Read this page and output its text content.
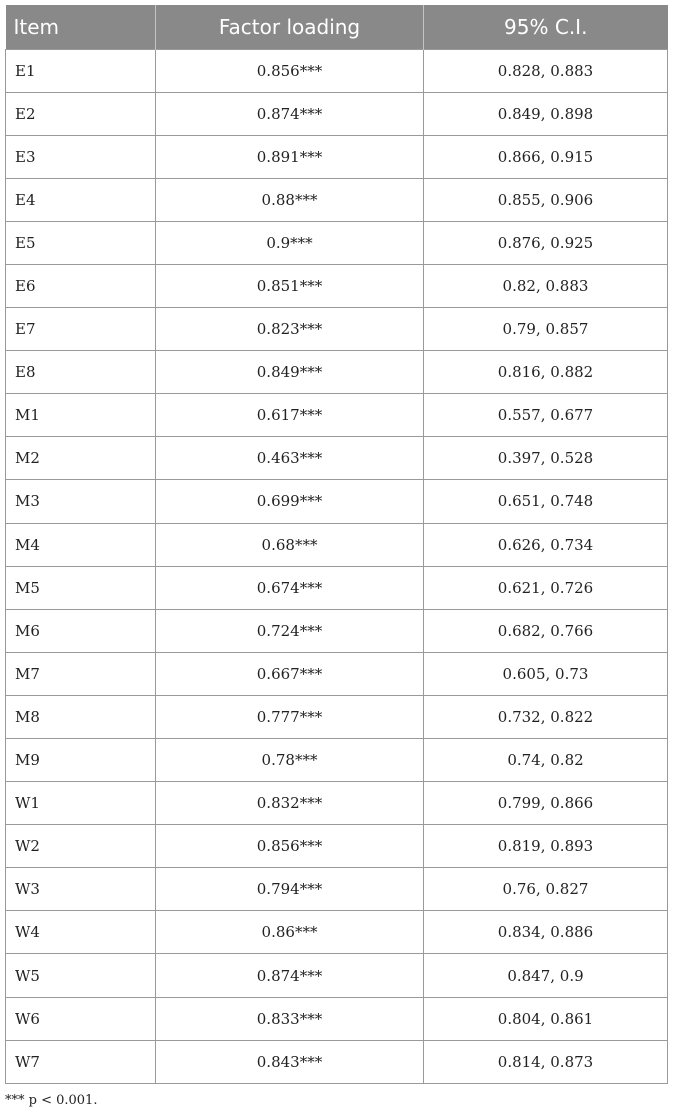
Item	Factor loading	95% C.I.
E1	0.856***	0.828, 0.883
E2	0.874***	0.849, 0.898
E3	0.891***	0.866, 0.915
E4	0.88***	0.855, 0.906
E5	0.9***	0.876, 0.925
E6	0.851***	0.82, 0.883
E7	0.823***	0.79, 0.857
E8	0.849***	0.816, 0.882
M1	0.617***	0.557, 0.677
M2	0.463***	0.397, 0.528
M3	0.699***	0.651, 0.748
M4	0.68***	0.626, 0.734
M5	0.674***	0.621, 0.726
M6	0.724***	0.682, 0.766
M7	0.667***	0.605, 0.73
M8	0.777***	0.732, 0.822
M9	0.78***	0.74, 0.82
W1	0.832***	0.799, 0.866
W2	0.856***	0.819, 0.893
W3	0.794***	0.76, 0.827
W4	0.86***	0.834, 0.886
W5	0.874***	0.847, 0.9
W6	0.833***	0.804, 0.861
W7	0.843***	0.814, 0.873

*** p < 0.001.
